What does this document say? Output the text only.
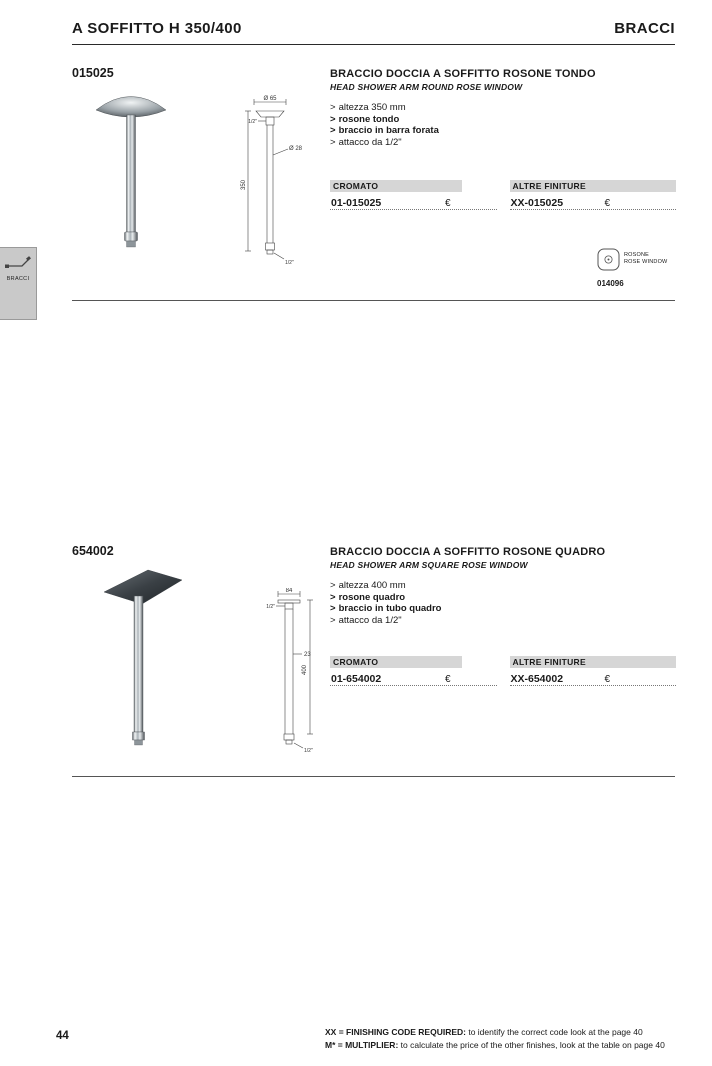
A SOFFITTO H 350/400	BRACCI
BRACCI
015025
Ø 65
1/2"
Ø 28
350
1/2"
BRACCIO DOCCIA A SOFFITTO ROSONE TONDO
HEAD SHOWER ARM ROUND ROSE WINDOW
> altezza 350 mm
> rosone tondo
> braccio in barra forata
> attacco da 1/2"
CROMATO
01-015025	€
ALTRE FINITURE
XX-015025	€
ROSONE
ROSE WINDOW
014096
654002
84
1/2"
23
400
1/2"
BRACCIO DOCCIA A SOFFITTO ROSONE QUADRO
HEAD SHOWER ARM SQUARE ROSE WINDOW
> altezza 400 mm
> rosone quadro
> braccio in tubo quadro
> attacco da 1/2"
CROMATO
01-654002	€
ALTRE FINITURE
XX-654002	€
44	XX = FINISHING CODE REQUIRED: to identify the correct code look at the page 40
M* = MULTIPLIER: to calculate the price of the other finishes, look at the table on page 40
